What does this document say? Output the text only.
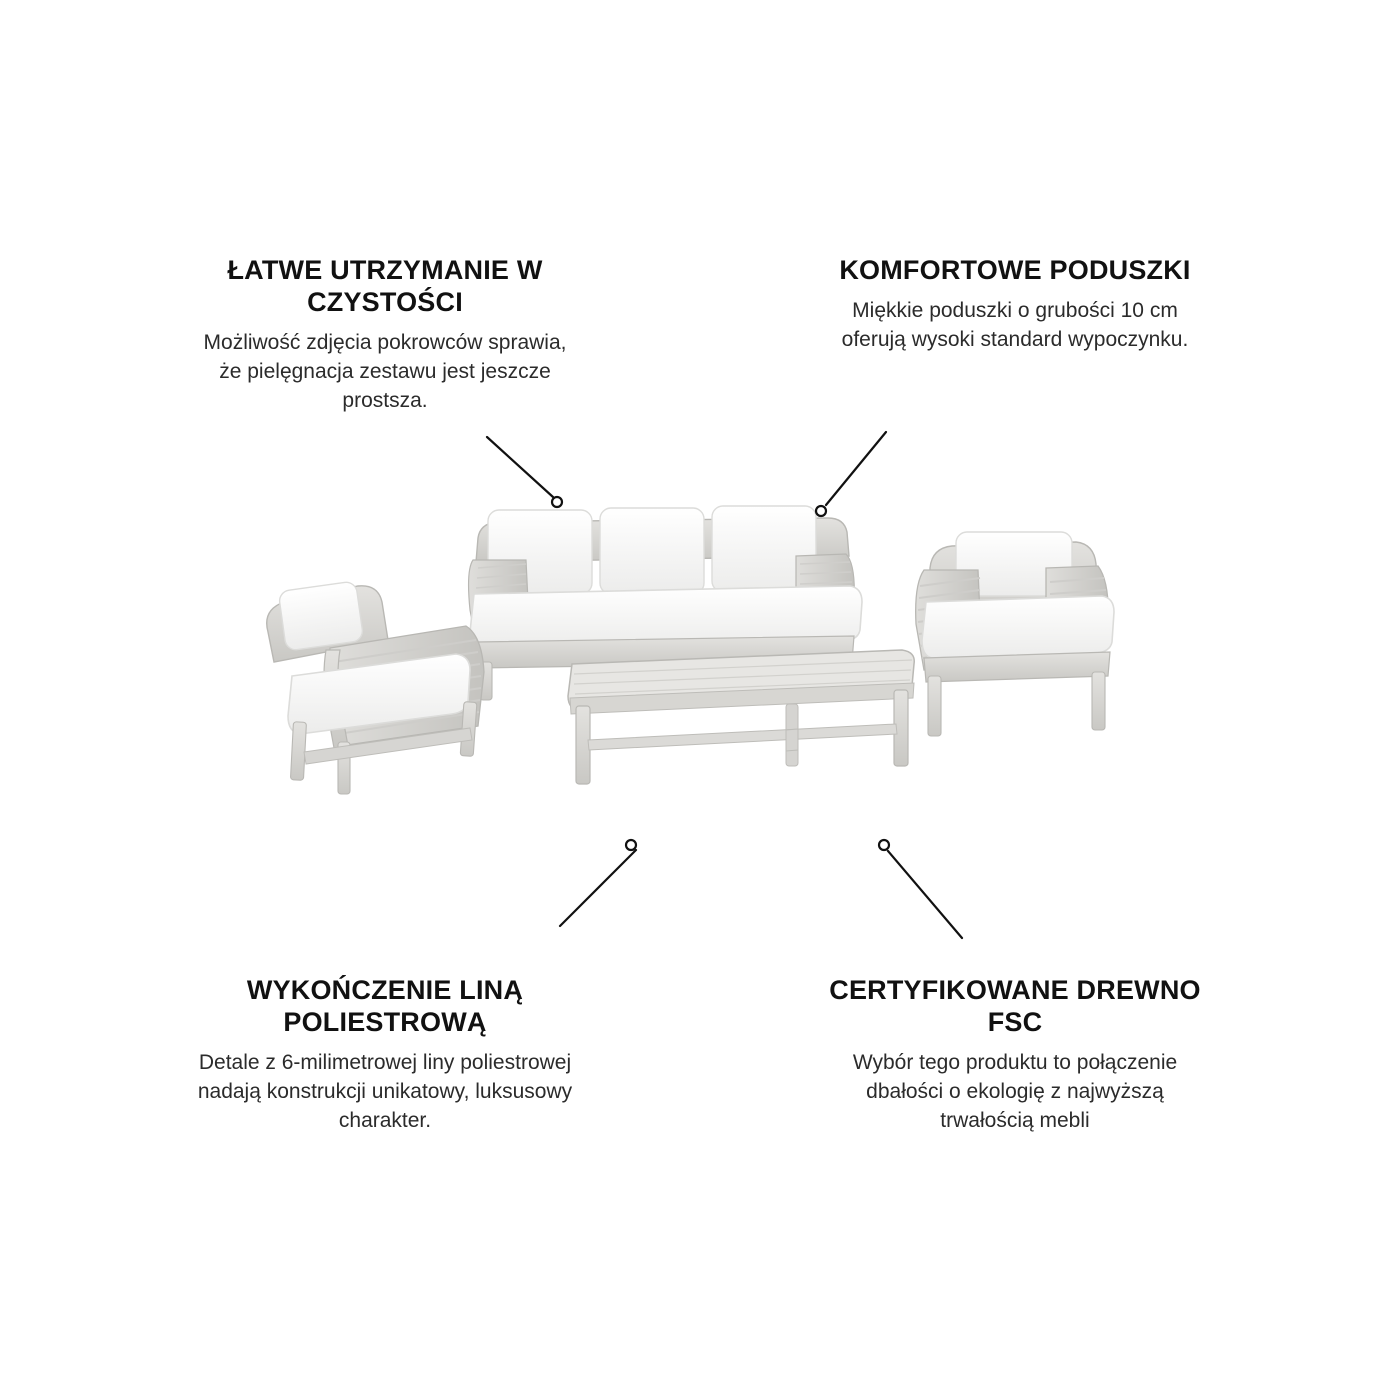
ŁATWE UTRZYMANIE W CZYSTOŚCI

Możliwość zdjęcia pokrowców sprawia, że pielęgnacja zestawu jest jeszcze prostsza.

KOMFORTOWE PODUSZKI

Miękkie poduszki o grubości 10 cm oferują wysoki standard wypoczynku.

WYKOŃCZENIE LINĄ POLIESTROWĄ

Detale z 6-milimetrowej liny poliestrowej nadają konstrukcji unikatowy, luksusowy charakter.

CERTYFIKOWANE DREWNO FSC

Wybór tego produktu to połączenie dbałości o ekologię z najwyższą trwałością mebli
